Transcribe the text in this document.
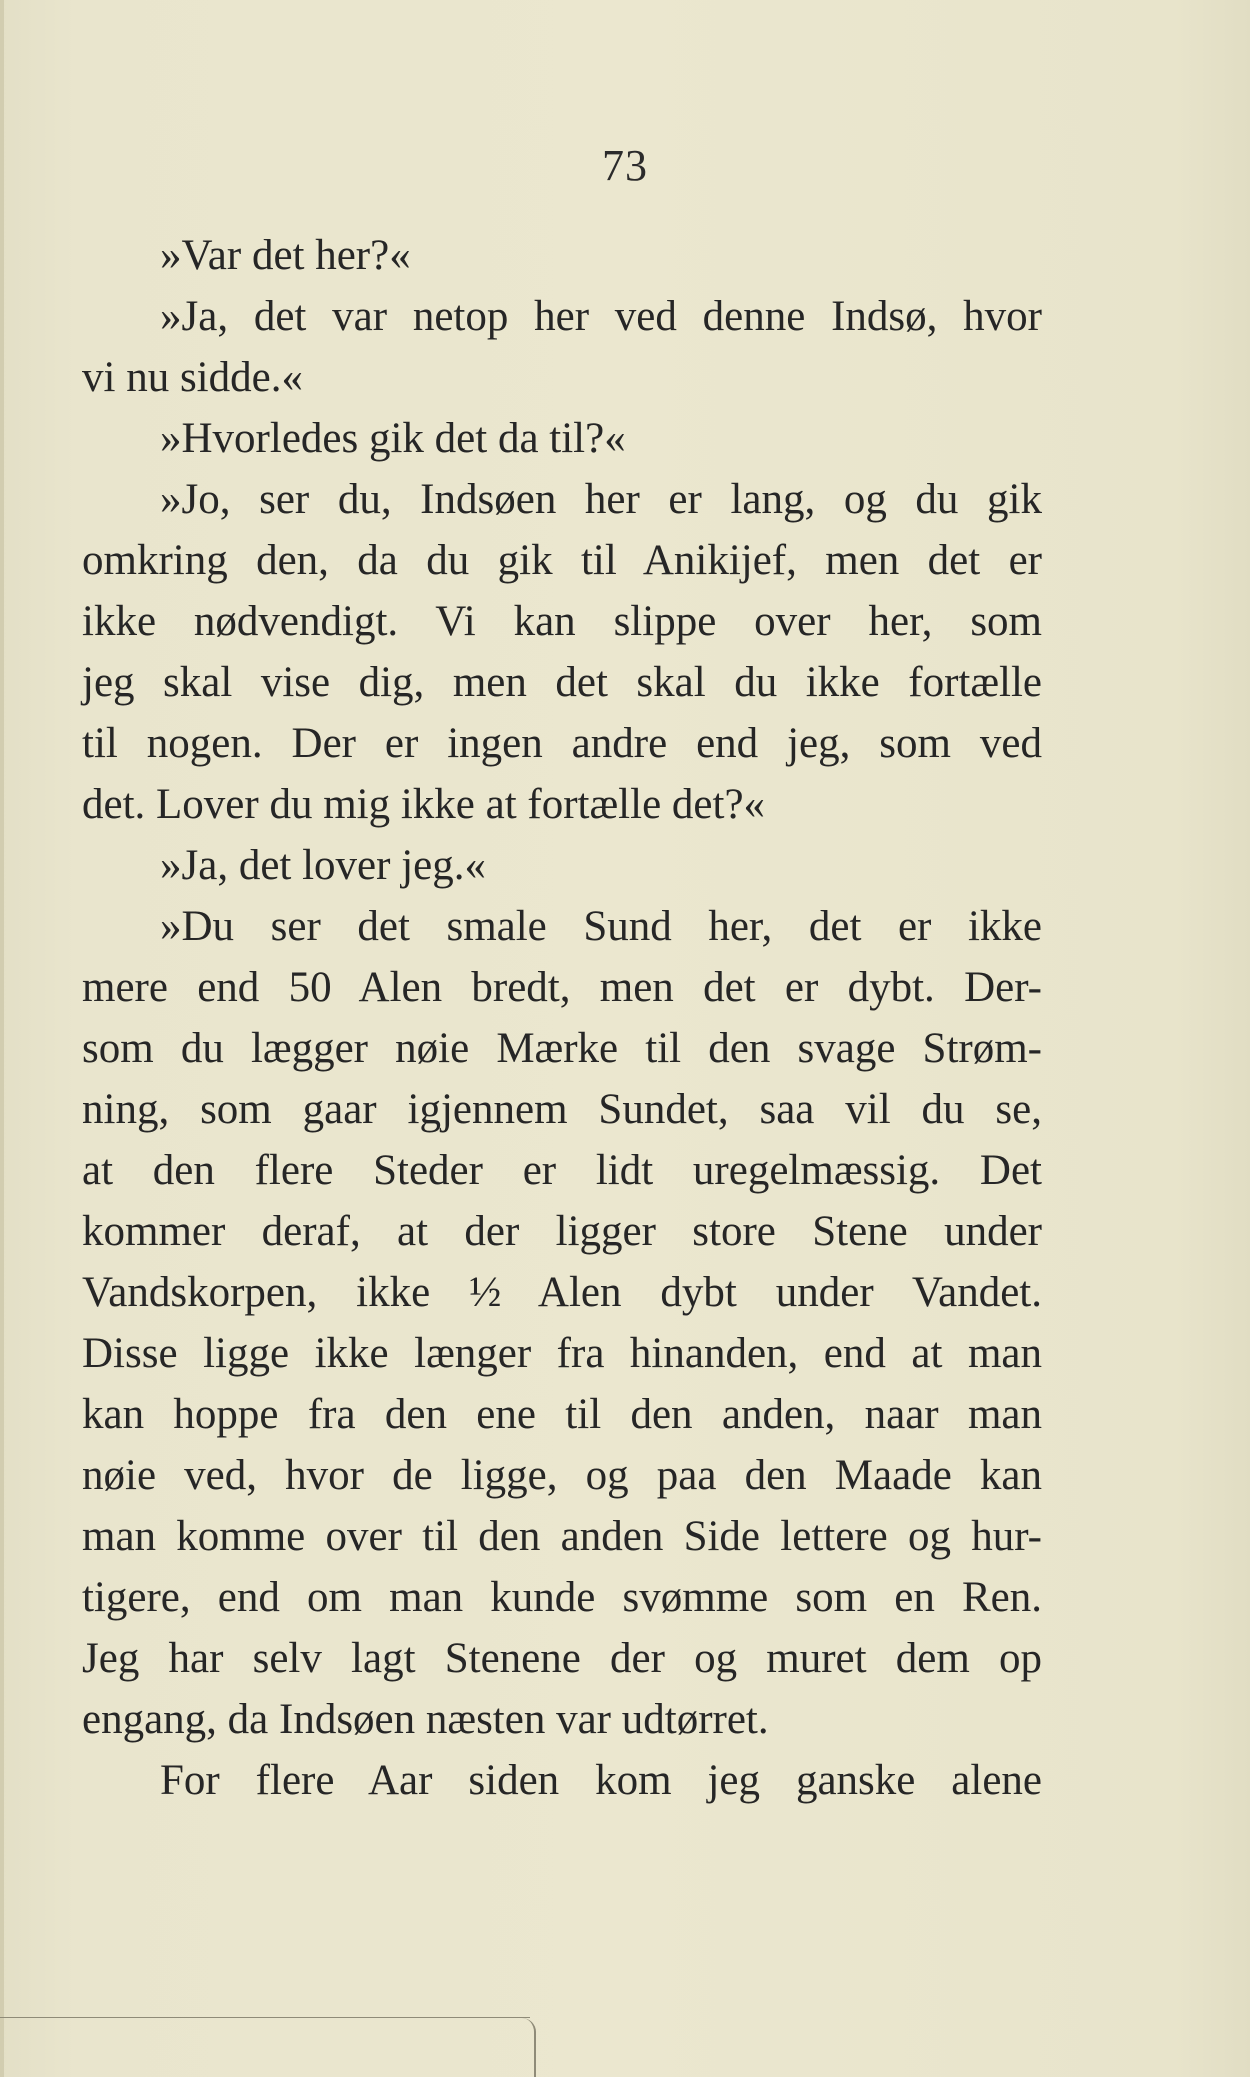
73
»Var det her?«
»Ja, det var netop her ved denne Indsø, hvor
vi nu sidde.«
»Hvorledes gik det da til?«
»Jo, ser du, Indsøen her er lang, og du gik
omkring den, da du gik til Anikijef, men det er
ikke nødvendigt. Vi kan slippe over her, som
jeg skal vise dig, men det skal du ikke fortælle
til nogen. Der er ingen andre end jeg, som ved
det. Lover du mig ikke at fortælle det?«
»Ja, det lover jeg.«
»Du ser det smale Sund her, det er ikke
mere end 50 Alen bredt, men det er dybt. Der-
som du lægger nøie Mærke til den svage Strøm-
ning, som gaar igjennem Sundet, saa vil du se,
at den flere Steder er lidt uregelmæssig. Det
kommer deraf, at der ligger store Stene under
Vandskorpen, ikke ½ Alen dybt under Vandet.
Disse ligge ikke længer fra hinanden, end at man
kan hoppe fra den ene til den anden, naar man
nøie ved, hvor de ligge, og paa den Maade kan
man komme over til den anden Side lettere og hur-
tigere, end om man kunde svømme som en Ren.
Jeg har selv lagt Stenene der og muret dem op
engang, da Indsøen næsten var udtørret.
For flere Aar siden kom jeg ganske alene
